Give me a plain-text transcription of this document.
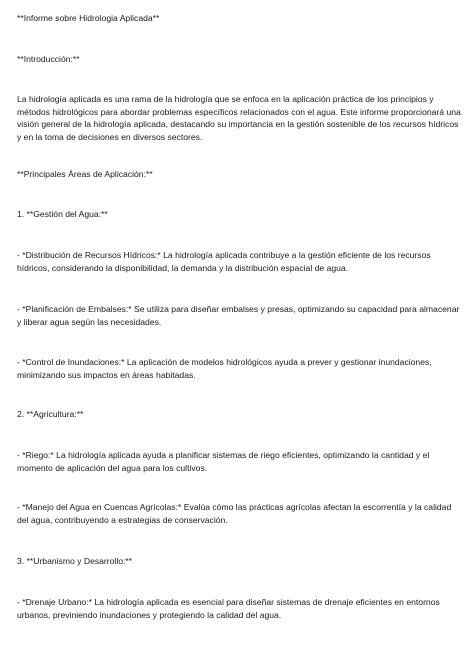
**Informe sobre Hidrologia Aplicada**

**Introducción:**

La hidrología aplicada es una rama de la hidrología que se enfoca en la aplicación práctica de los principios y métodos hidrológicos para abordar problemas específicos relacionados con el agua. Este informe proporcionará una visión general de la hidrología aplicada, destacando su importancia en la gestión sostenible de los recursos hídricos y en la toma de decisiones en diversos sectores.

**Principales Áreas de Aplicación:**

1. **Gestión del Agua:**

- *Distribución de Recursos Hídricos:* La hidrología aplicada contribuye a la gestión eficiente de los recursos hídricos, considerando la disponibilidad, la demanda y la distribución espacial de agua.

- *Planificación de Embalses:* Se utiliza para diseñar embalses y presas, optimizando su capacidad para almacenar y liberar agua según las necesidades.

- *Control de Inundaciones:* La aplicación de modelos hidrológicos ayuda a prever y gestionar inundaciones, minimizando sus impactos en áreas habitadas.

2. **Agricultura:**

- *Riego:* La hidrología aplicada ayuda a planificar sistemas de riego eficientes, optimizando la cantidad y el momento de aplicación del agua para los cultivos.

- *Manejo del Agua en Cuencas Agrícolas:* Evalúa cómo las prácticas agrícolas afectan la escorrentía y la calidad del agua, contribuyendo a estrategias de conservación.

3. **Urbanismo y Desarrollo:**

- *Drenaje Urbano:* La hidrología aplicada es esencial para diseñar sistemas de drenaje eficientes en entornos urbanos, previniendo inundaciones y protegiendo la calidad del agua.
